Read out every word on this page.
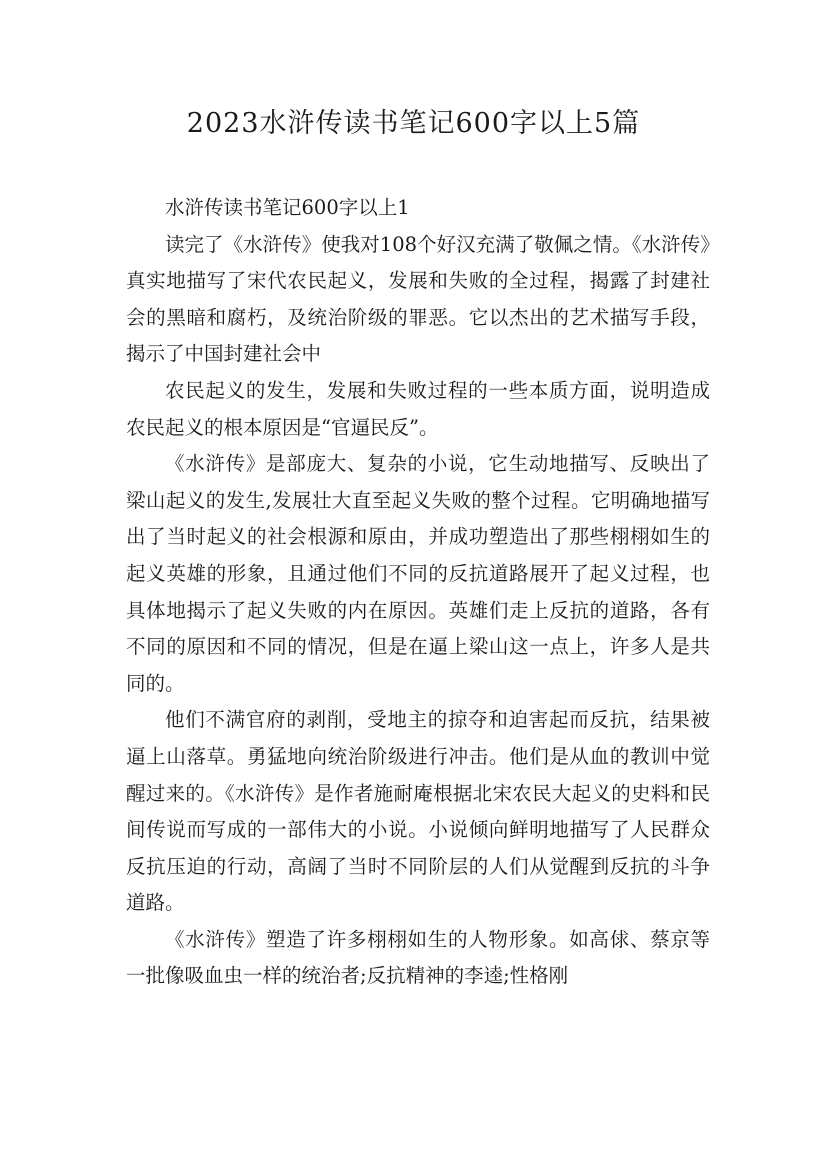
2023水浒传读书笔记600字以上5篇

水浒传读书笔记600字以上1

读完了《水浒传》使我对108个好汉充满了敬佩之情。《水浒传》真实地描写了宋代农民起义，发展和失败的全过程，揭露了封建社会的黑暗和腐朽，及统治阶级的罪恶。它以杰出的艺术描写手段，揭示了中国封建社会中

农民起义的发生，发展和失败过程的一些本质方面，说明造成农民起义的根本原因是“官逼民反”。

《水浒传》是部庞大、复杂的小说，它生动地描写、反映出了梁山起义的发生,发展壮大直至起义失败的整个过程。它明确地描写出了当时起义的社会根源和原由，并成功塑造出了那些栩栩如生的起义英雄的形象，且通过他们不同的反抗道路展开了起义过程，也具体地揭示了起义失败的内在原因。英雄们走上反抗的道路，各有不同的原因和不同的情况，但是在逼上梁山这一点上，许多人是共同的。

他们不满官府的剥削，受地主的掠夺和迫害起而反抗，结果被逼上山落草。勇猛地向统治阶级进行冲击。他们是从血的教训中觉醒过来的。《水浒传》是作者施耐庵根据北宋农民大起义的史料和民间传说而写成的一部伟大的小说。小说倾向鲜明地描写了人民群众反抗压迫的行动，高阔了当时不同阶层的人们从觉醒到反抗的斗争道路。

《水浒传》塑造了许多栩栩如生的人物形象。如高俅、蔡京等一批像吸血虫一样的统治者;反抗精神的李逵;性格刚
